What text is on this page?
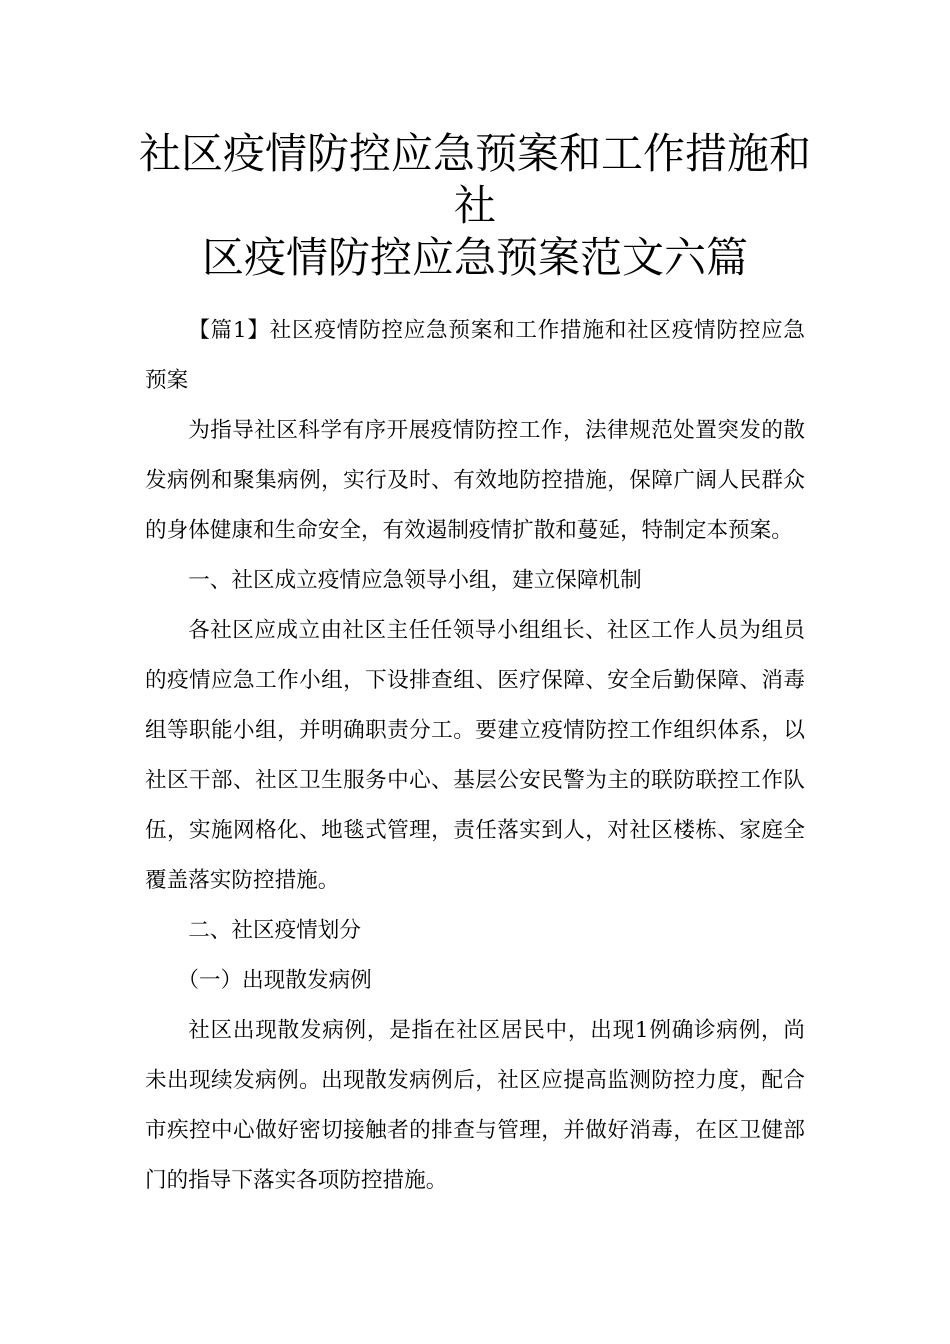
社区疫情防控应急预案和工作措施和社
区疫情防控应急预案范文六篇

【篇1】社区疫情防控应急预案和工作措施和社区疫情防控应急预案

为指导社区科学有序开展疫情防控工作，法律规范处置突发的散发病例和聚集病例，实行及时、有效地防控措施，保障广阔人民群众的身体健康和生命安全，有效遏制疫情扩散和蔓延，特制定本预案。

一、社区成立疫情应急领导小组，建立保障机制

各社区应成立由社区主任任领导小组组长、社区工作人员为组员的疫情应急工作小组，下设排查组、医疗保障、安全后勤保障、消毒组等职能小组，并明确职责分工。要建立疫情防控工作组织体系，以社区干部、社区卫生服务中心、基层公安民警为主的联防联控工作队伍，实施网格化、地毯式管理，责任落实到人，对社区楼栋、家庭全覆盖落实防控措施。

二、社区疫情划分

（一）出现散发病例

社区出现散发病例，是指在社区居民中，出现1例确诊病例，尚未出现续发病例。出现散发病例后，社区应提高监测防控力度，配合市疾控中心做好密切接触者的排查与管理，并做好消毒，在区卫健部门的指导下落实各项防控措施。
